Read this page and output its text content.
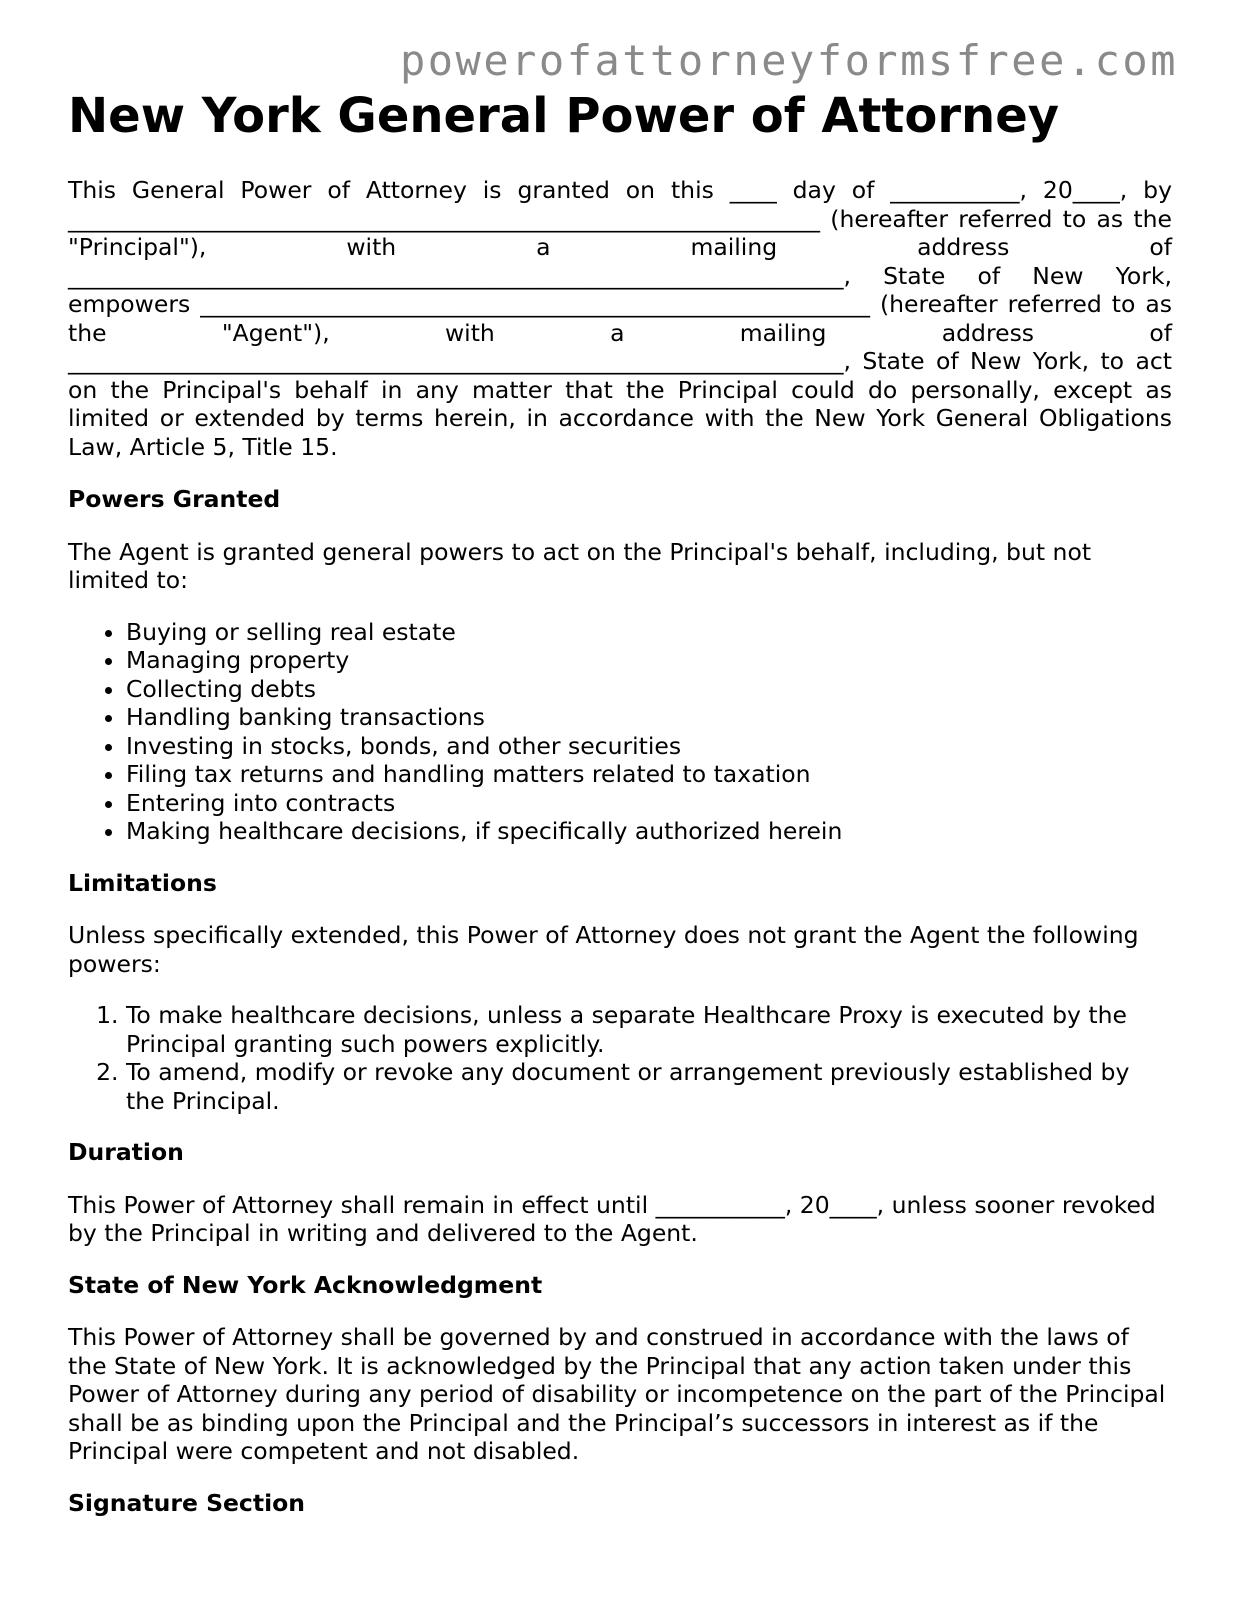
powerofattorneyformsfree.com
New York General Power of Attorney

This General Power of Attorney is granted on this ____ day of ___________, 20____, by ________________________________________________________________ (hereafter referred to as the "Principal"), with a mailing address of __________________________________________________________________, State of New York, empowers _________________________________________________________ (hereafter referred to as the "Agent"), with a mailing address of __________________________________________________________________, State of New York, to act on the Principal's behalf in any matter that the Principal could do personally, except as limited or extended by terms herein, in accordance with the New York General Obligations Law, Article 5, Title 15.

Powers Granted

The Agent is granted general powers to act on the Principal's behalf, including, but not limited to:

• Buying or selling real estate
• Managing property
• Collecting debts
• Handling banking transactions
• Investing in stocks, bonds, and other securities
• Filing tax returns and handling matters related to taxation
• Entering into contracts
• Making healthcare decisions, if specifically authorized herein
Limitations

Unless specifically extended, this Power of Attorney does not grant the Agent the following powers:

1. To make healthcare decisions, unless a separate Healthcare Proxy is executed by the Principal granting such powers explicitly.
2. To amend, modify or revoke any document or arrangement previously established by the Principal.
Duration

This Power of Attorney shall remain in effect until ___________, 20____, unless sooner revoked by the Principal in writing and delivered to the Agent.

State of New York Acknowledgment

This Power of Attorney shall be governed by and construed in accordance with the laws of the State of New York. It is acknowledged by the Principal that any action taken under this Power of Attorney during any period of disability or incompetence on the part of the Principal shall be as binding upon the Principal and the Principal’s successors in interest as if the Principal were competent and not disabled.

Signature Section
